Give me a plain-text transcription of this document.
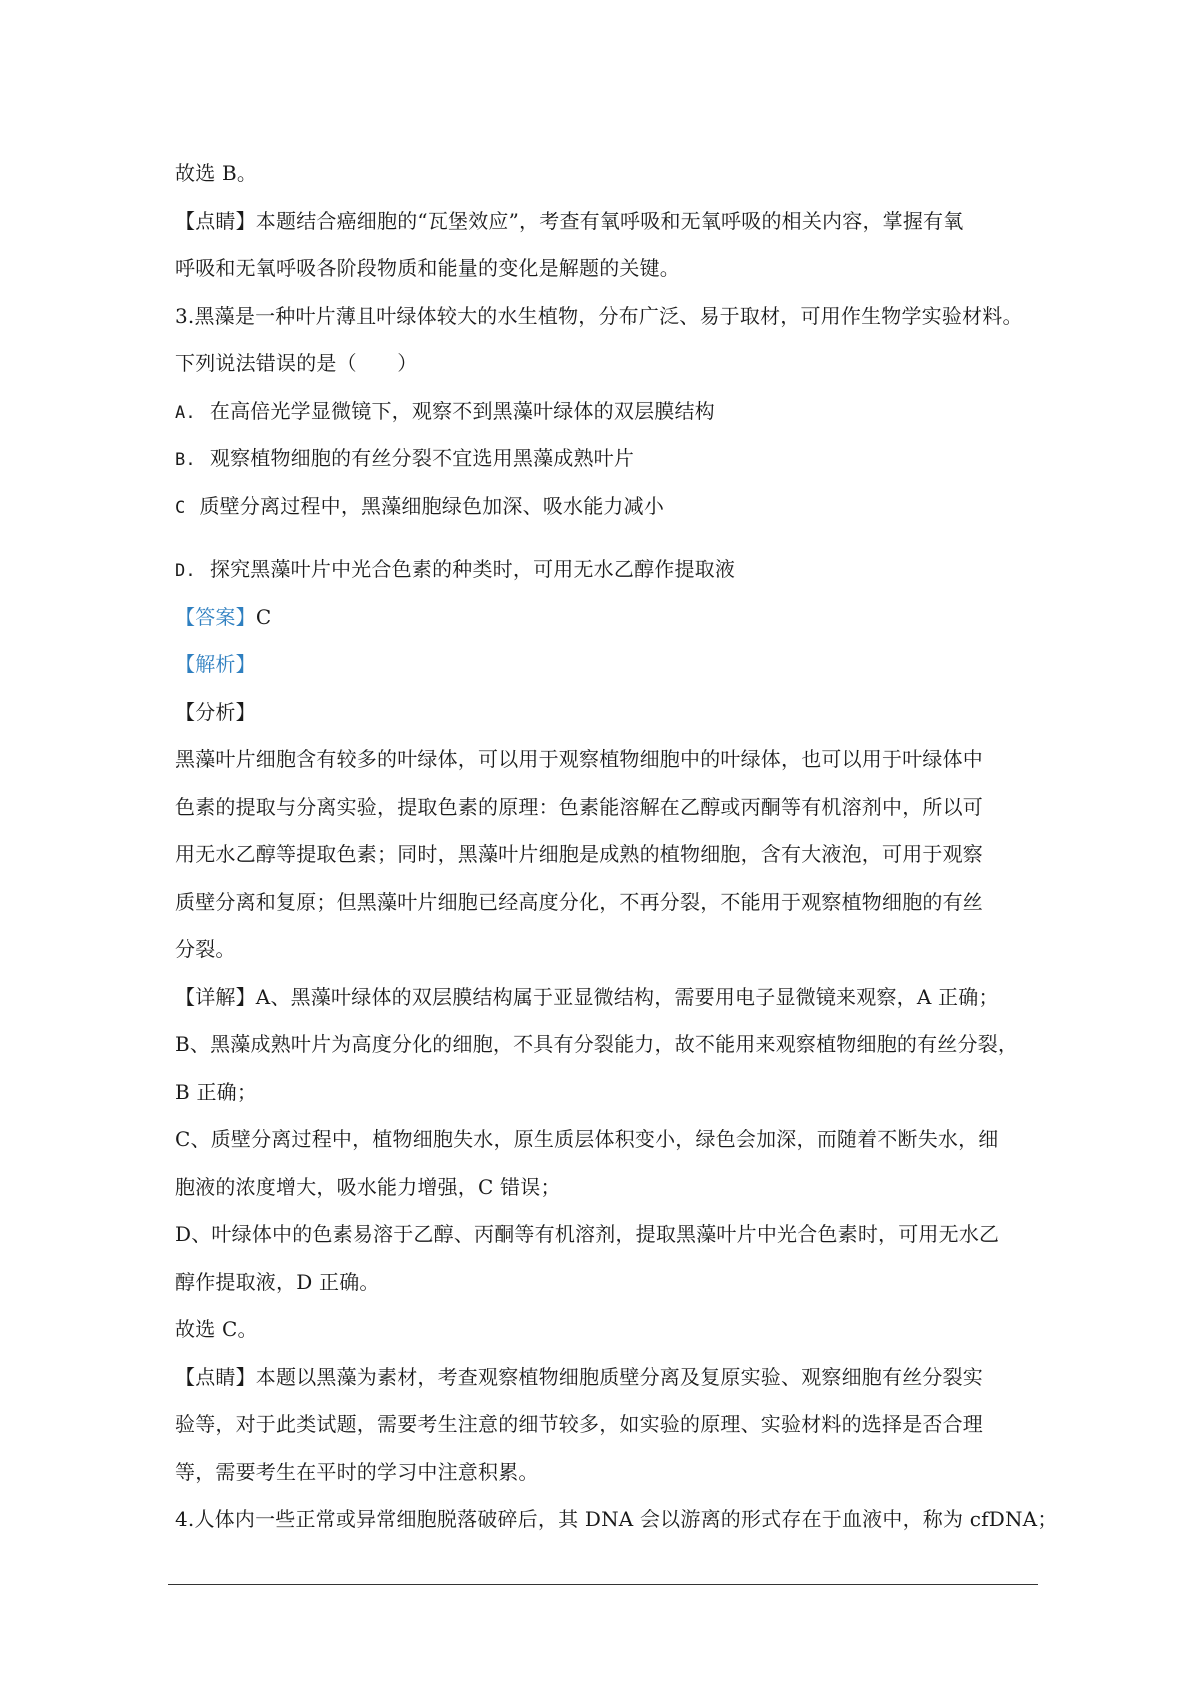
故选 B。
【点睛】本题结合癌细胞的“瓦堡效应”，考查有氧呼吸和无氧呼吸的相关内容，掌握有氧
呼吸和无氧呼吸各阶段物质和能量的变化是解题的关键。
3.黑藻是一种叶片薄且叶绿体较大的水生植物，分布广泛、易于取材，可用作生物学实验材料。
下列说法错误的是（　　）
A. 在高倍光学显微镜下，观察不到黑藻叶绿体的双层膜结构
B. 观察植物细胞的有丝分裂不宜选用黑藻成熟叶片
C 质壁分离过程中，黑藻细胞绿色加深、吸水能力减小
D. 探究黑藻叶片中光合色素的种类时，可用无水乙醇作提取液
【答案】C
【解析】
【分析】
黑藻叶片细胞含有较多的叶绿体，可以用于观察植物细胞中的叶绿体，也可以用于叶绿体中
色素的提取与分离实验，提取色素的原理：色素能溶解在乙醇或丙酮等有机溶剂中，所以可
用无水乙醇等提取色素；同时，黑藻叶片细胞是成熟的植物细胞，含有大液泡，可用于观察
质壁分离和复原；但黑藻叶片细胞已经高度分化，不再分裂，不能用于观察植物细胞的有丝
分裂。
【详解】A、黑藻叶绿体的双层膜结构属于亚显微结构，需要用电子显微镜来观察，A 正确；
B、黑藻成熟叶片为高度分化的细胞，不具有分裂能力，故不能用来观察植物细胞的有丝分裂，
B 正确；
C、质壁分离过程中，植物细胞失水，原生质层体积变小，绿色会加深，而随着不断失水，细
胞液的浓度增大，吸水能力增强，C 错误；
D、叶绿体中的色素易溶于乙醇、丙酮等有机溶剂，提取黑藻叶片中光合色素时，可用无水乙
醇作提取液，D 正确。
故选 C。
【点睛】本题以黑藻为素材，考查观察植物细胞质壁分离及复原实验、观察细胞有丝分裂实
验等，对于此类试题，需要考生注意的细节较多，如实验的原理、实验材料的选择是否合理
等，需要考生在平时的学习中注意积累。
4.人体内一些正常或异常细胞脱落破碎后，其 DNA 会以游离的形式存在于血液中，称为 cfDNA；
